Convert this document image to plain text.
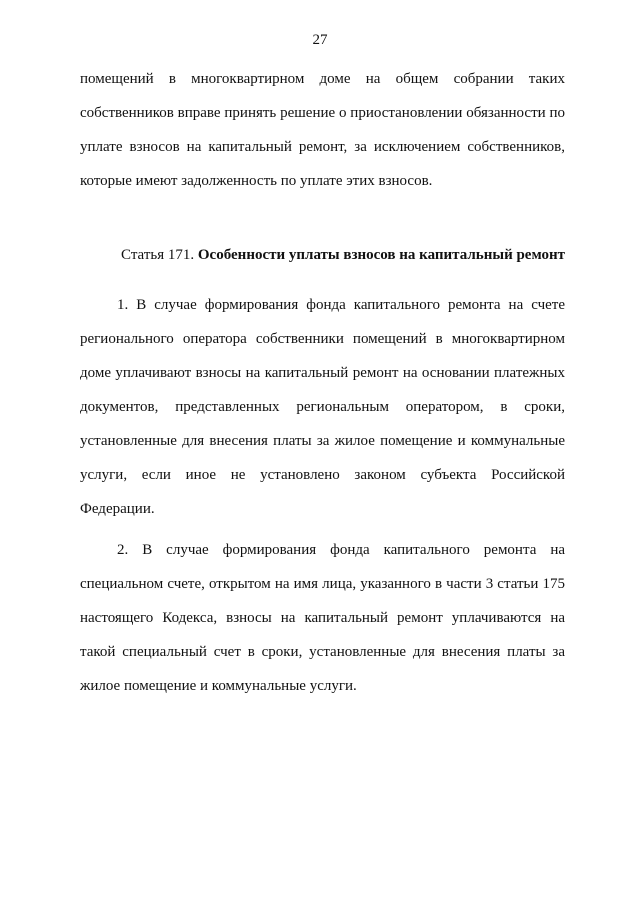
27

помещений в многоквартирном доме на общем собрании таких собственников вправе принять решение о приостановлении обязанности по уплате взносов на капитальный ремонт, за исключением собственников, которые имеют задолженность по уплате этих взносов.

Статья 171. Особенности уплаты взносов на капитальный ремонт

1. В случае формирования фонда капитального ремонта на счете регионального оператора собственники помещений в многоквартирном доме уплачивают взносы на капитальный ремонт на основании платежных документов, представленных региональным оператором, в сроки, установленные для внесения платы за жилое помещение и коммунальные услуги, если иное не установлено законом субъекта Российской Федерации.

2. В случае формирования фонда капитального ремонта на специальном счете, открытом на имя лица, указанного в части 3 статьи 175 настоящего Кодекса, взносы на капитальный ремонт уплачиваются на такой специальный счет в сроки, установленные для внесения платы за жилое помещение и коммунальные услуги.
